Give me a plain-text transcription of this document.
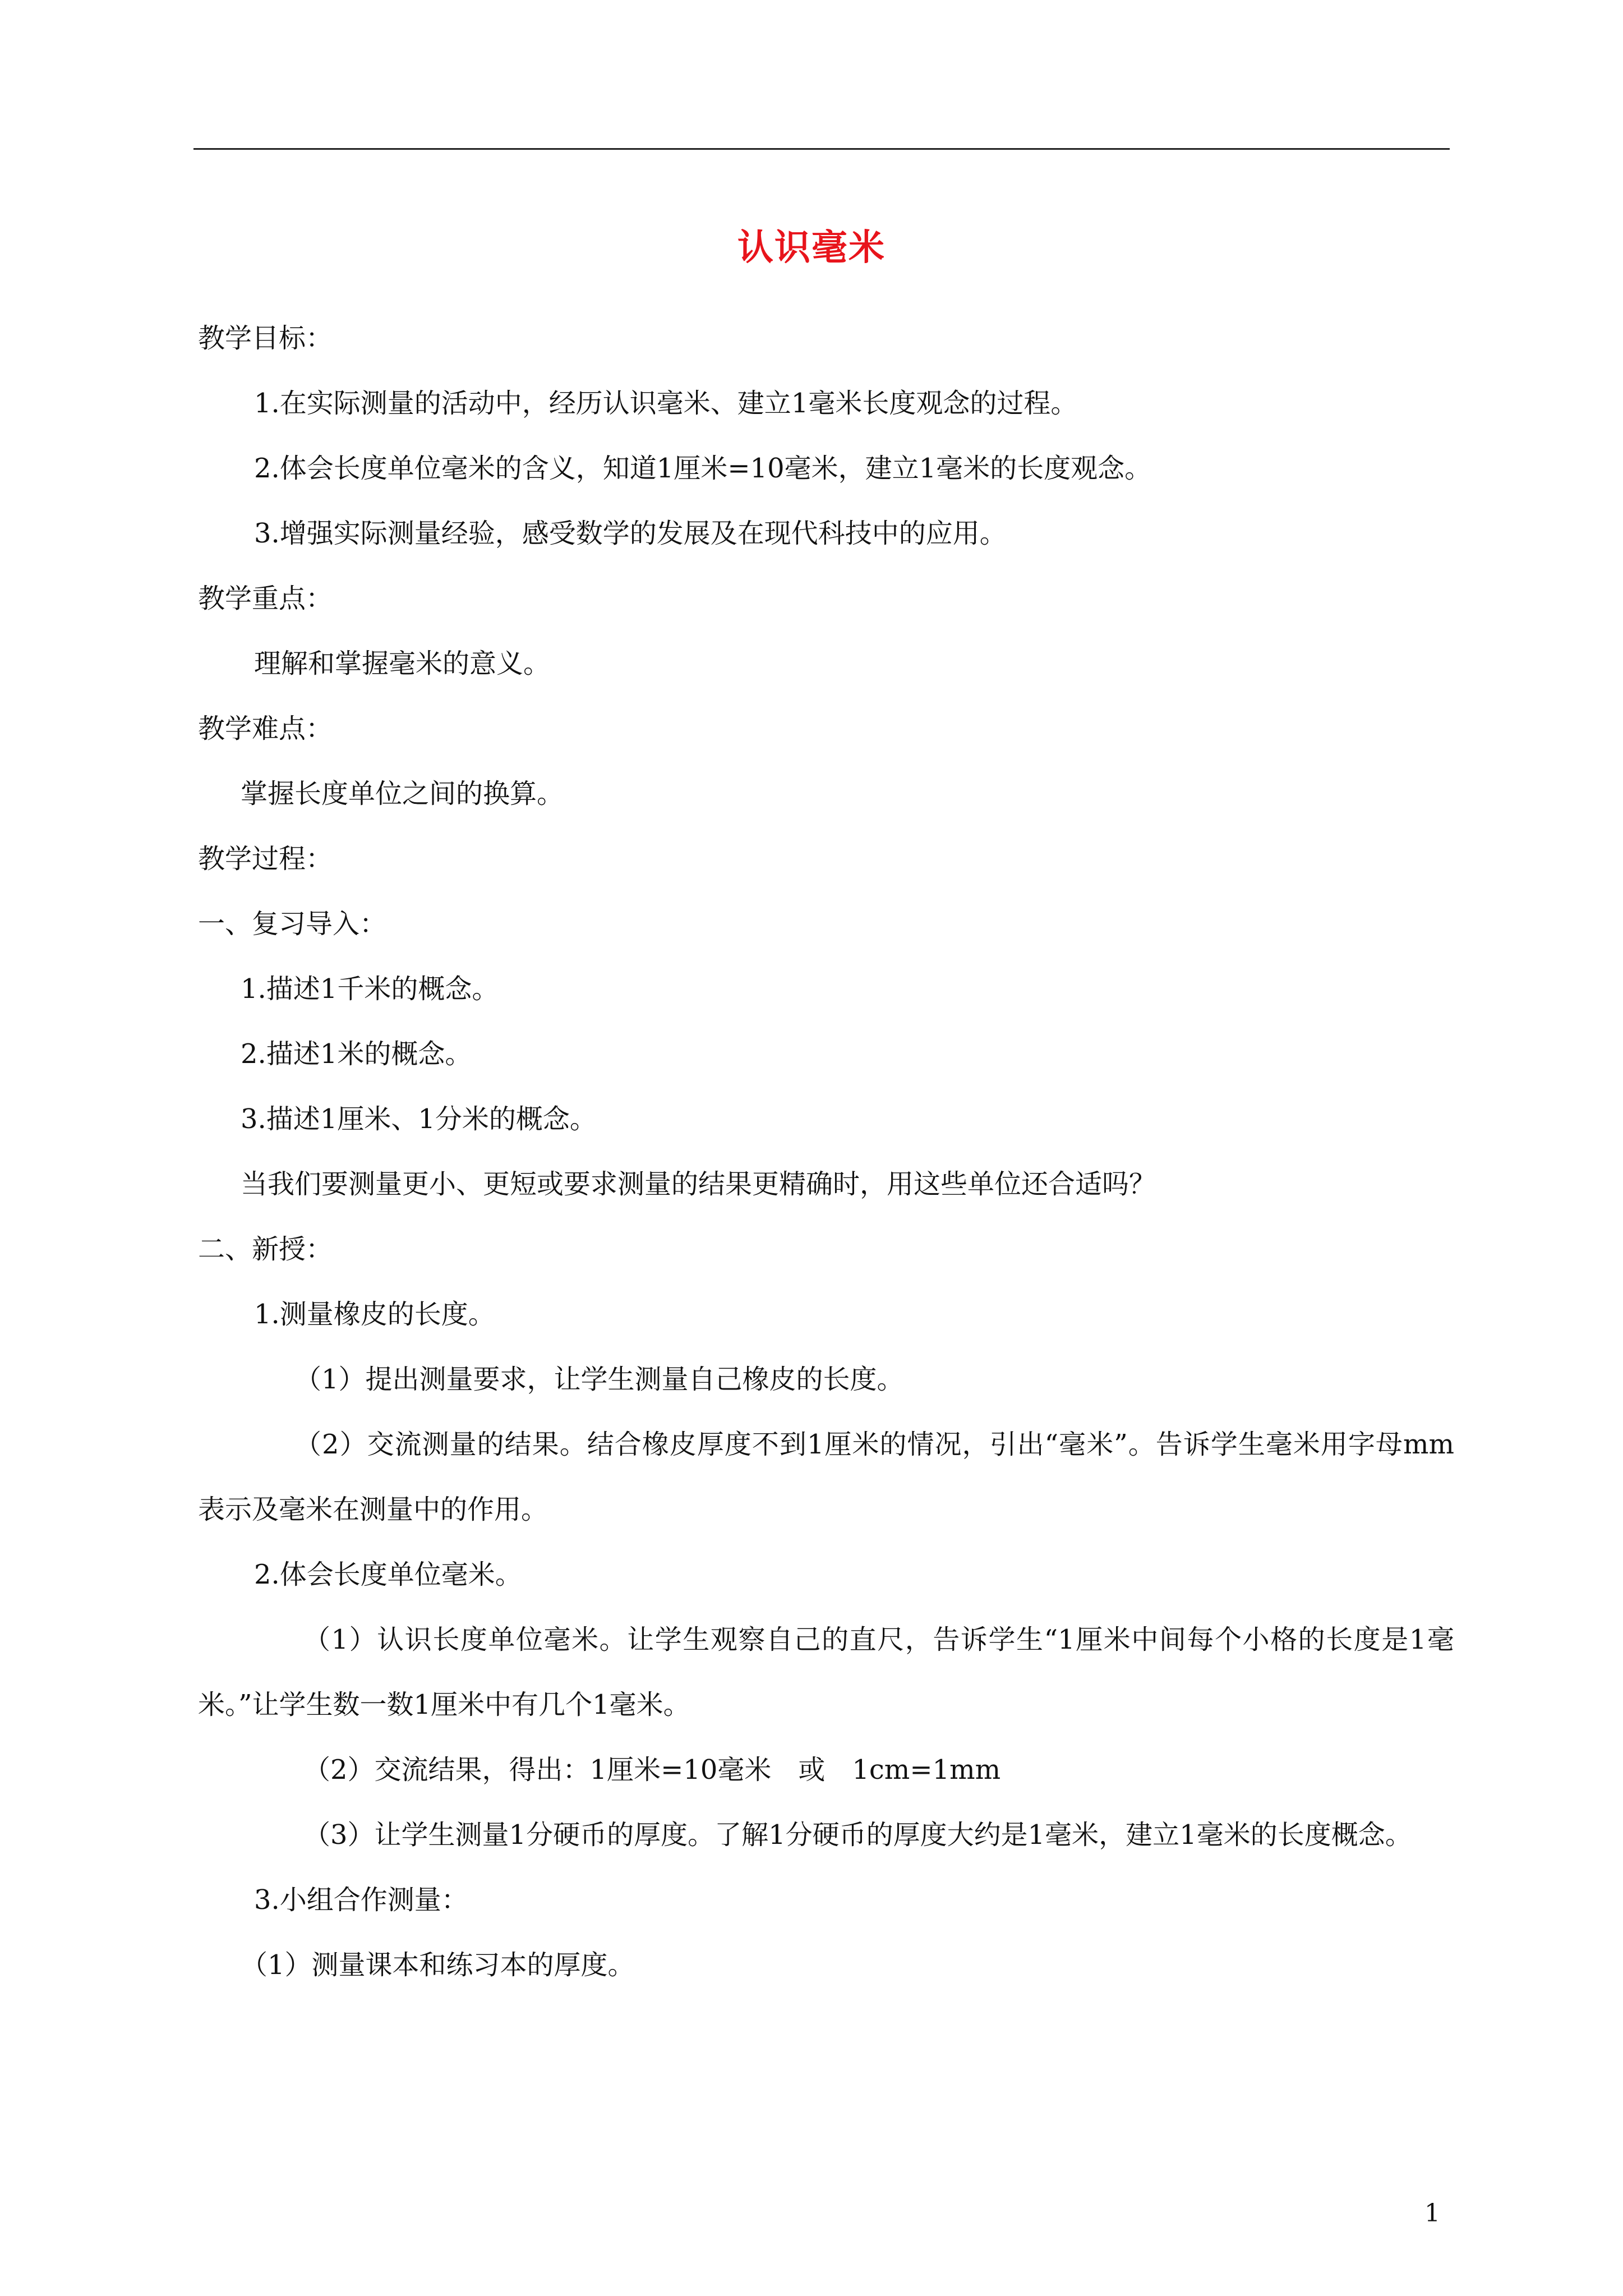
认识毫米

教学目标：

1.在实际测量的活动中，经历认识毫米、建立1毫米长度观念的过程。

2.体会长度单位毫米的含义，知道1厘米=10毫米，建立1毫米的长度观念。

3.增强实际测量经验，感受数学的发展及在现代科技中的应用。

教学重点：

理解和掌握毫米的意义。

教学难点：

掌握长度单位之间的换算。

教学过程：

一、复习导入：

1.描述1千米的概念。

2.描述1米的概念。

3.描述1厘米、1分米的概念。

当我们要测量更小、更短或要求测量的结果更精确时，用这些单位还合适吗？

二、新授：

1.测量橡皮的长度。

（1）提出测量要求，让学生测量自己橡皮的长度。

（2）交流测量的结果。结合橡皮厚度不到1厘米的情况，引出“毫米”。告诉学生毫米用字母mm表示及毫米在测量中的作用。

2.体会长度单位毫米。

（1）认识长度单位毫米。让学生观察自己的直尺，告诉学生“1厘米中间每个小格的长度是1毫米。”让学生数一数1厘米中有几个1毫米。

（2）交流结果，得出：1厘米=10毫米　或　1cm=1mm

（3）让学生测量1分硬币的厚度。了解1分硬币的厚度大约是1毫米，建立1毫米的长度概念。

3.小组合作测量：

（1）测量课本和练习本的厚度。

1
